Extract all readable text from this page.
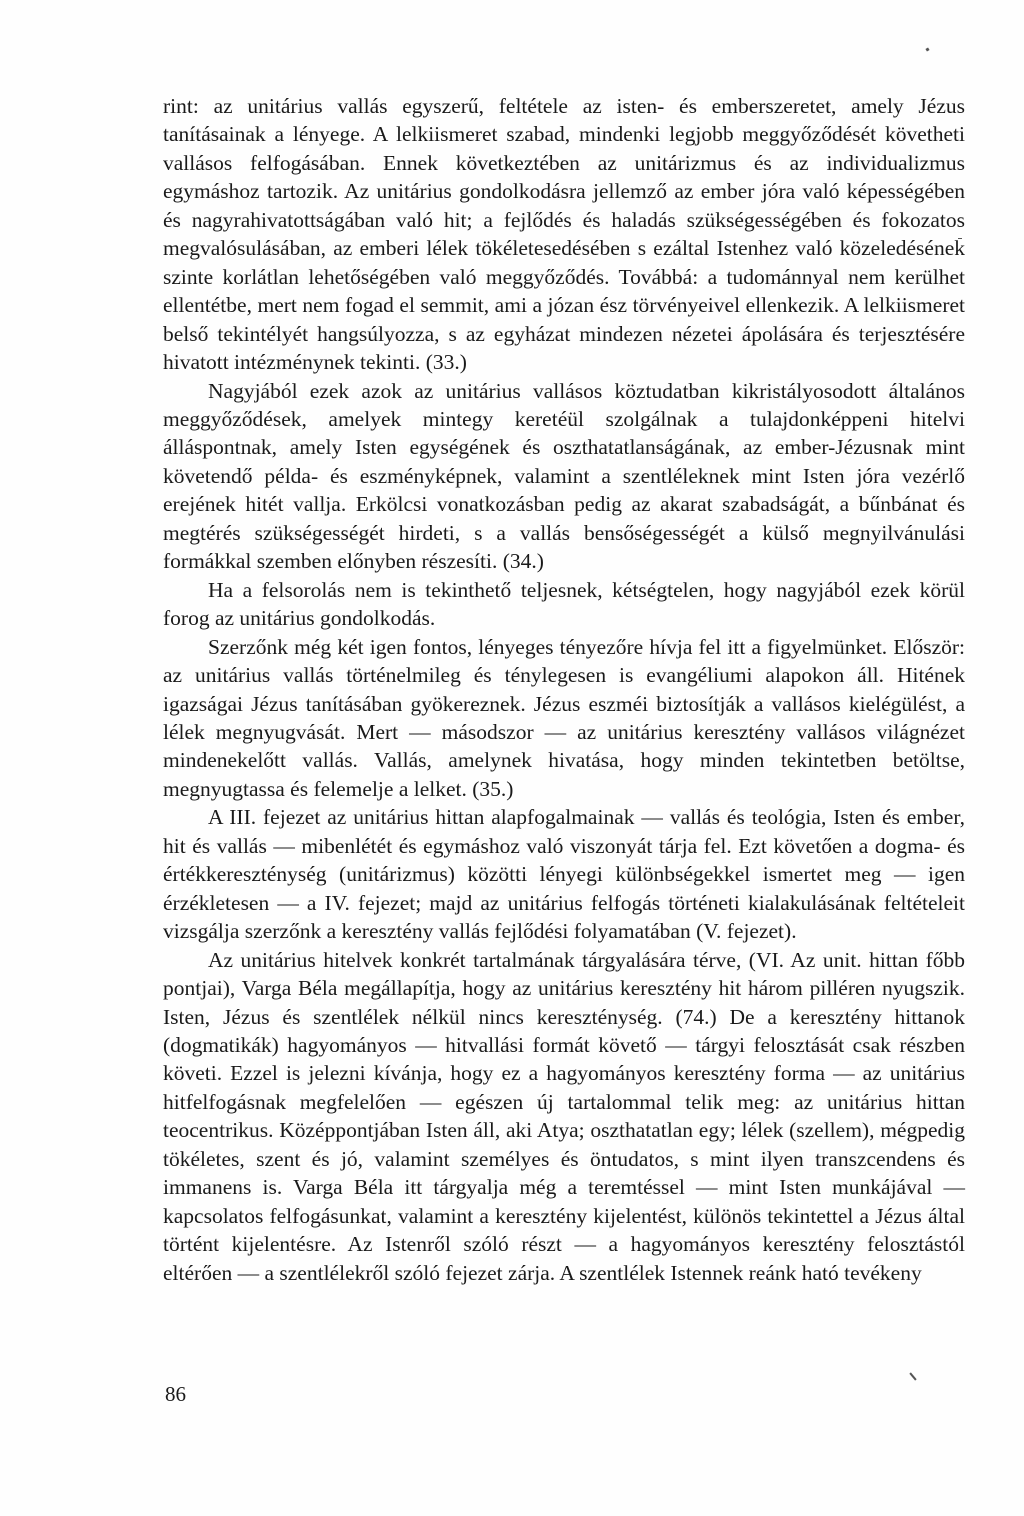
rint: az unitárius vallás egyszerű, feltétele az isten- és emberszeretet, amely Jézus tanításainak a lényege. A lelkiismeret szabad, mindenki legjobb meggyőződését követheti vallásos felfogásában. Ennek következtében az unitárizmus és az individualizmus egymáshoz tartozik. Az unitárius gondolkodásra jellemző az ember jóra való képességében és nagyrahivatottságában való hit; a fejlődés és haladás szükségességében és fokozatos megvalósulásában, az emberi lélek tökéletesedésében s ezáltal Istenhez való közeledésének szinte korlátlan lehetőségében való meggyőződés. Továbbá: a tudománnyal nem kerülhet ellentétbe, mert nem fogad el semmit, ami a józan ész törvényeivel ellenkezik. A lelkiismeret belső tekintélyét hangsúlyozza, s az egyházat mindezen nézetei ápolására és terjesztésére hivatott intézménynek tekinti. (33.)

Nagyjából ezek azok az unitárius vallásos köztudatban kikristályosodott általános meggyőződések, amelyek mintegy keretéül szolgálnak a tulajdonképpeni hitelvi álláspontnak, amely Isten egységének és oszthatatlanságának, az ember-Jézusnak mint követendő példa- és eszményképnek, valamint a szentléleknek mint Isten jóra vezérlő erejének hitét vallja. Erkölcsi vonatkozásban pedig az akarat szabadságát, a bűnbánat és megtérés szükségességét hirdeti, s a vallás bensőségességét a külső megnyilvánulási formákkal szemben előnyben részesíti. (34.)

Ha a felsorolás nem is tekinthető teljesnek, kétségtelen, hogy nagyjából ezek körül forog az unitárius gondolkodás.

Szerzőnk még két igen fontos, lényeges tényezőre hívja fel itt a figyelmünket. Először: az unitárius vallás történelmileg és ténylegesen is evangéliumi alapokon áll. Hitének igazságai Jézus tanításában gyökereznek. Jézus eszméi biztosítják a vallásos kielégülést, a lélek megnyugvását. Mert — másodszor — az unitárius keresztény vallásos világnézet mindenekelőtt vallás. Vallás, amelynek hivatása, hogy minden tekintetben betöltse, megnyugtassa és felemelje a lelket. (35.)

A III. fejezet az unitárius hittan alapfogalmainak — vallás és teológia, Isten és ember, hit és vallás — mibenlétét és egymáshoz való viszonyát tárja fel. Ezt követően a dogma- és értékkereszténység (unitárizmus) közötti lényegi különbségekkel ismertet meg — igen érzékletesen — a IV. fejezet; majd az unitárius felfogás történeti kialakulásának feltételeit vizsgálja szerzőnk a keresztény vallás fejlődési folyamatában (V. fejezet).

Az unitárius hitelvek konkrét tartalmának tárgyalására térve, (VI. Az unit. hittan főbb pontjai), Varga Béla megállapítja, hogy az unitárius keresztény hit három pilléren nyugszik. Isten, Jézus és szentlélek nélkül nincs kereszténység. (74.) De a keresztény hittanok (dogmatikák) hagyományos — hitvallási formát követő — tárgyi felosztását csak részben követi. Ezzel is jelezni kívánja, hogy ez a hagyományos keresztény forma — az unitárius hitfelfogásnak megfelelően — egészen új tartalommal telik meg: az unitárius hittan teocentrikus. Középpontjában Isten áll, aki Atya; oszthatatlan egy; lélek (szellem), mégpedig tökéletes, szent és jó, valamint személyes és öntudatos, s mint ilyen transzcendens és immanens is. Varga Béla itt tárgyalja még a teremtéssel — mint Isten munkájával — kapcsolatos felfogásunkat, valamint a keresztény kijelentést, különös tekintettel a Jézus által történt kijelentésre. Az Istenről szóló részt — a hagyományos keresztény felosztástól eltérően — a szentlélekről szóló fejezet zárja. A szentlélek Istennek reánk ható tevékeny

86
